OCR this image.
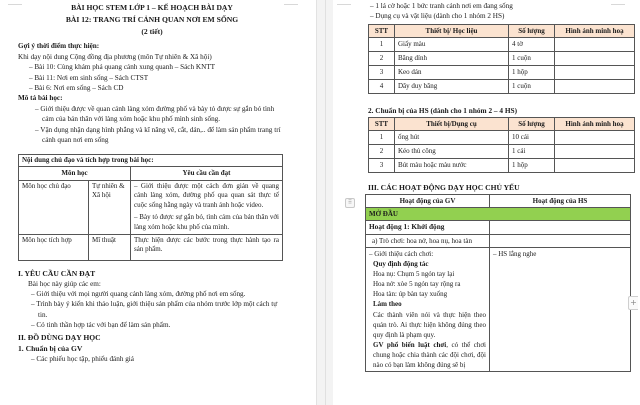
BÀI HỌC STEM LỚP 1 – KẾ HOẠCH BÀI DẠY
BÀI 12: TRANG TRÍ CẢNH QUAN NƠI EM SỐNG
(2 tiết)
Gợi ý thời điểm thực hiện:
Khi dạy nội dung Cộng đồng địa phương (môn Tự nhiên & Xã hội)
– Bài 10: Cùng khám phá quang cảnh xung quanh – Sách KNTT
– Bài 11: Nơi em sinh sống – Sách CTST
– Bài 6: Nơi em sống – Sách CD
Mô tả bài học:
– Giới thiệu được về quan cảnh làng xóm đường phố và bày tỏ được sự gắn bó tình cảm của bản thân với làng xóm hoặc khu phố mình sinh sống.
– Vận dụng nhận dạng hình phẳng và kĩ năng vẽ, cắt, dán,.. để làm sản phẩm trang trí cảnh quan nơi em sống
Nội dung chủ đạo và tích hợp trong bài học:		
Môn học		Yêu cầu cần đạt
Môn học chủ đạo	Tự nhiên & Xã hội	– Giới thiệu được một cách đơn giản về quang cảnh làng xóm, đường phố qua quan sát thực tế cuộc sống hằng ngày và tranh ảnh hoặc video.
– Bày tỏ được sự gắn bó, tình cảm của bản thân với làng xóm hoặc khu phố của mình.

Môn học tích hợp	Mĩ thuật	Thực hiện được các bước trong thực hành tạo ra sản phẩm.
I. YÊU CẦU CẦN ĐẠT
Bài học này giúp các em:
– Giới thiệu với mọi người quang cảnh làng xóm, đường phố nơi em sống.
– Trình bày ý kiến khi thảo luận, giới thiệu sản phẩm của nhóm trước lớp một cách tự tin.
– Có tinh thần hợp tác với bạn để làm sản phẩm.
II. ĐỒ DÙNG DẠY HỌC
1. Chuẩn bị của GV
– Các phiếu học tập, phiếu đánh giá
– 1 lá cờ hoặc 1 bức tranh cảnh nơi em đang sống
– Dụng cụ và vật liệu (dành cho 1 nhóm 2 HS)
STT	Thiết bị/ Học liệu	Số lượng	Hình ảnh minh hoạ
1	Giấy màu	4 tờ	
2	Băng dính	1 cuộn	
3	Keo dán	1 hộp	
4	Dây duy băng	1 cuộn	
2. Chuẩn bị của HS (dành cho 1 nhóm 2 – 4 HS)
STT	Thiết bị/Dụng cụ	Số lượng	Hình ảnh minh hoạ
1	ống hút	10 cái	
2	Kéo thủ công	1 cái	
3	Bút màu hoặc màu nước	1 hộp	
III. CÁC HOẠT ĐỘNG DẠY HỌC CHỦ YẾU
Hoạt động của GV	Hoạt động của HS
MỞ ĐẦU	
Hoạt động 1: Khởi động	
a) Trò chơi: hoa nở, hoa nụ, hoa tàn	

– Giới thiệu cách chơi:
Quy định động tác
Hoa nụ: Chụm 5 ngón tay lại
Hoa nở: xòe 5 ngón tay rộng ra
Hoa tàn: úp bàn tay xuống
Làm theo
Các thành viên nói và thực hiện theo quản trò. Ai thực hiện không đúng theo quy định là phạm quy.
GV phổ biến luật chơi, có thể chơi chung hoặc chia thành các đội chơi, đội nào có bạn làm không đúng sẽ bị
	– HS lắng nghe
⠿
+
